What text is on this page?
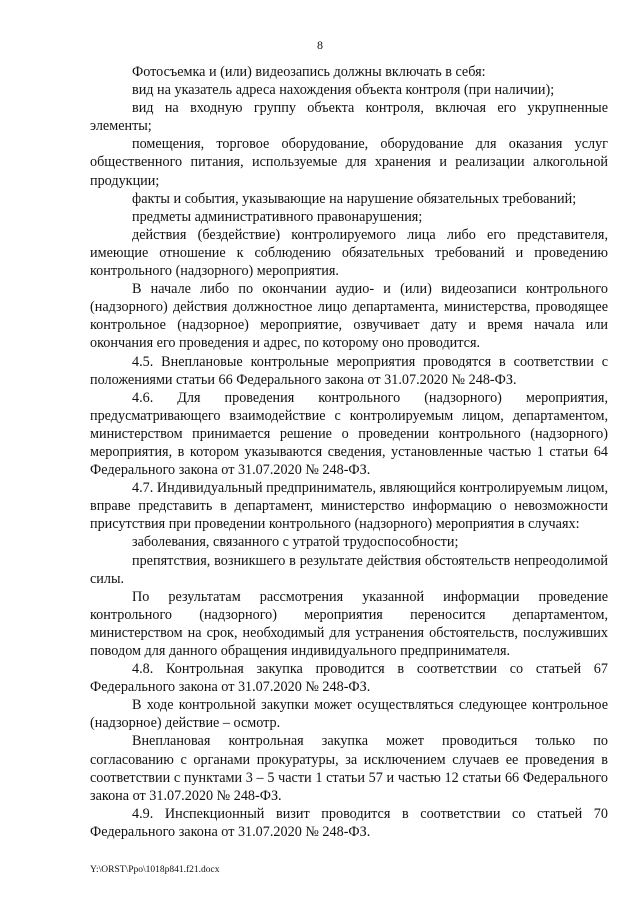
8

Фотосъемка и (или) видеозапись должны включать в себя:

вид на указатель адреса нахождения объекта контроля (при наличии);

вид на входную группу объекта контроля, включая его укрупненные элементы;

помещения, торговое оборудование, оборудование для оказания услуг общественного питания, используемые для хранения и реализации алкогольной продукции;

факты и события, указывающие на нарушение обязательных требований;

предметы административного правонарушения;

действия (бездействие) контролируемого лица либо его представителя, имеющие отношение к соблюдению обязательных требований и проведению контрольного (надзорного) мероприятия.

В начале либо по окончании аудио- и (или) видеозаписи контрольного (надзорного) действия должностное лицо департамента, министерства, проводящее контрольное (надзорное) мероприятие, озвучивает дату и время начала или окончания его проведения и адрес, по которому оно проводится.

4.5. Внеплановые контрольные мероприятия проводятся в соответствии с положениями статьи 66 Федерального закона от 31.07.2020 № 248-ФЗ.

4.6. Для проведения контрольного (надзорного) мероприятия, предусматривающего взаимодействие с контролируемым лицом, департаментом, министерством принимается решение о проведении контрольного (надзорного) мероприятия, в котором указываются сведения, установленные частью 1 статьи 64 Федерального закона от 31.07.2020 № 248-ФЗ.

4.7. Индивидуальный предприниматель, являющийся контролируемым лицом, вправе представить в департамент, министерство информацию о невозможности присутствия при проведении контрольного (надзорного) мероприятия в случаях:

заболевания, связанного с утратой трудоспособности;

препятствия, возникшего в результате действия обстоятельств непреодолимой силы.

По результатам рассмотрения указанной информации проведение контрольного (надзорного) мероприятия переносится департаментом, министерством на срок, необходимый для устранения обстоятельств, послуживших поводом для данного обращения индивидуального предпринимателя.

4.8. Контрольная закупка проводится в соответствии со статьей 67 Федерального закона от 31.07.2020 № 248-ФЗ.

В ходе контрольной закупки может осуществляться следующее контрольное (надзорное) действие – осмотр.

Внеплановая контрольная закупка может проводиться только по согласованию с органами прокуратуры, за исключением случаев ее проведения в соответствии с пунктами 3 – 5 части 1 статьи 57 и частью 12 статьи 66 Федерального закона от 31.07.2020 № 248-ФЗ.

4.9. Инспекционный визит проводится в соответствии со статьей 70 Федерального закона от 31.07.2020 № 248-ФЗ.

Y:\ORST\Ppo\1018p841.f21.docx
